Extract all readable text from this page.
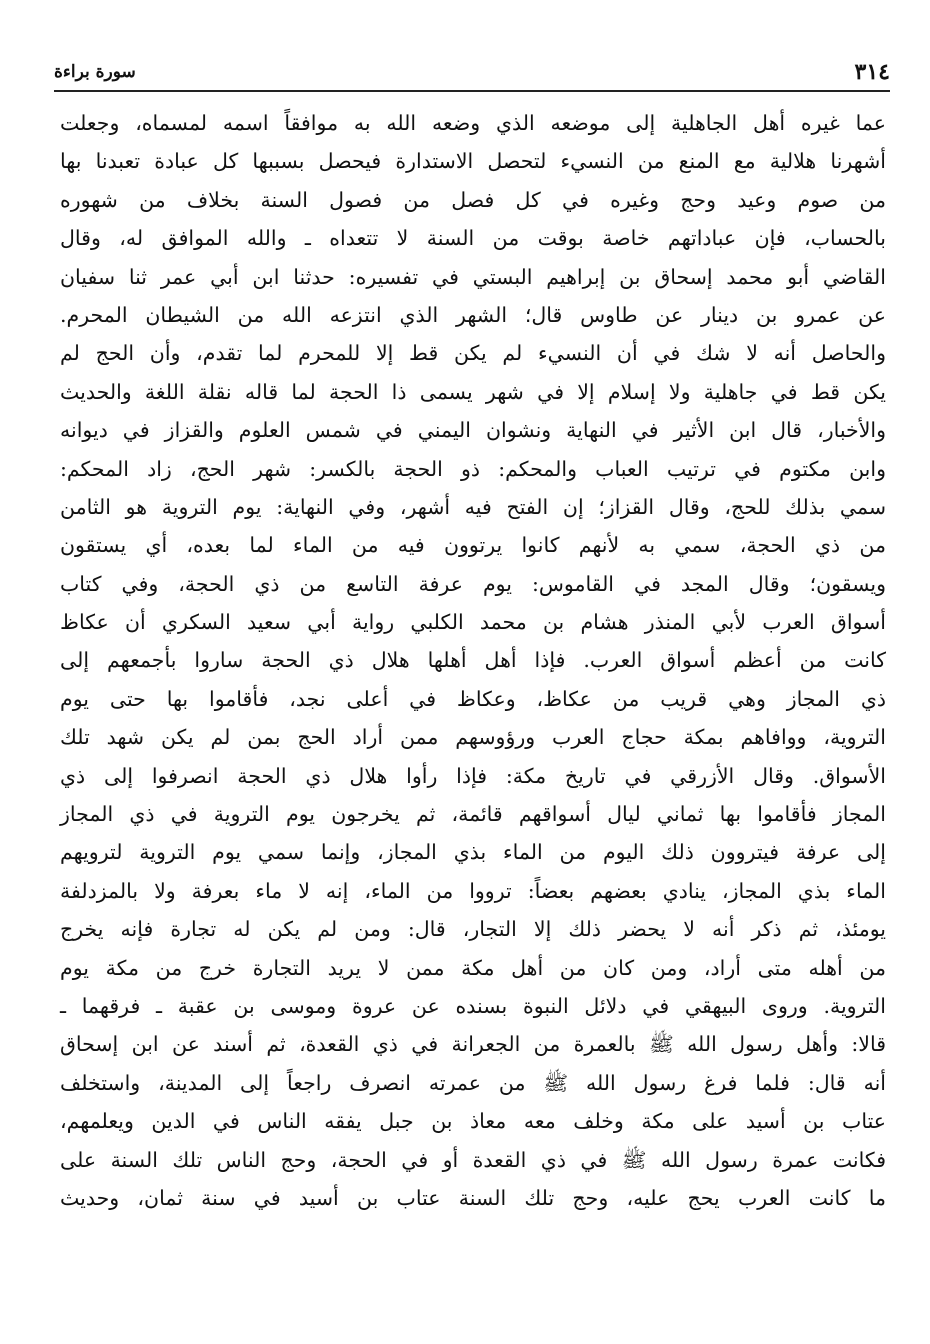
٣١٤
سورة براءة
عما غيره أهل الجاهلية إلى موضعه الذي وضعه الله به موافقاً اسمه لمسماه، وجعلت
أشهرنا هلالية مع المنع من النسيء لتحصل الاستدارة فيحصل بسببها كل عبادة تعبدنا بها
من صوم وعيد وحج وغيره في كل فصل من فصول السنة بخلاف من شهوره
بالحساب، فإن عباداتهم خاصة بوقت من السنة لا تتعداه ـ والله الموافق له، وقال
القاضي أبو محمد إسحاق بن إبراهيم البستي في تفسيره: حدثنا ابن أبي عمر ثنا سفيان
عن عمرو بن دينار عن طاوس قال؛ الشهر الذي انتزعه الله من الشيطان المحرم.
والحاصل أنه لا شك في أن النسيء لم يكن قط إلا للمحرم لما تقدم، وأن الحج لم
يكن قط في جاهلية ولا إسلام إلا في شهر يسمى ذا الحجة لما قاله نقلة اللغة والحديث
والأخبار، قال ابن الأثير في النهاية ونشوان اليمني في شمس العلوم والقزاز في ديوانه
وابن مكتوم في ترتيب العباب والمحكم: ذو الحجة بالكسر: شهر الحج، زاد المحكم:
سمي بذلك للحج، وقال القزاز؛ إن الفتح فيه أشهر، وفي النهاية: يوم التروية هو الثامن
من ذي الحجة، سمي به لأنهم كانوا يرتوون فيه من الماء لما بعده، أي يستقون
ويسقون؛ وقال المجد في القاموس: يوم عرفة التاسع من ذي الحجة، وفي كتاب
أسواق العرب لأبي المنذر هشام بن محمد الكلبي رواية أبي سعيد السكري أن عكاظ
كانت من أعظم أسواق العرب. فإذا أهل أهلها هلال ذي الحجة ساروا بأجمعهم إلى
ذي المجاز وهي قريب من عكاظ، وعكاظ في أعلى نجد، فأقاموا بها حتى يوم
التروية، ووافاهم بمكة حجاج العرب ورؤوسهم ممن أراد الحج بمن لم يكن شهد تلك
الأسواق. وقال الأزرقي في تاريخ مكة: فإذا رأوا هلال ذي الحجة انصرفوا إلى ذي
المجاز فأقاموا بها ثماني ليال أسواقهم قائمة، ثم يخرجون يوم التروية في ذي المجاز
إلى عرفة فيتروون ذلك اليوم من الماء بذي المجاز، وإنما سمي يوم التروية لترويهم
الماء بذي المجاز، ينادي بعضهم بعضاً: ترووا من الماء، إنه لا ماء بعرفة ولا بالمزدلفة
يومئذ، ثم ذكر أنه لا يحضر ذلك إلا التجار، قال: ومن لم يكن له تجارة فإنه يخرج
من أهله متى أراد، ومن كان من أهل مكة ممن لا يريد التجارة خرج من مكة يوم
التروية. وروى البيهقي في دلائل النبوة بسنده عن عروة وموسى بن عقبة ـ فرقهما ـ
قالا: وأهل رسول الله ﷺ بالعمرة من الجعرانة في ذي القعدة، ثم أسند عن ابن إسحاق
أنه قال: فلما فرغ رسول الله ﷺ من عمرته انصرف راجعاً إلى المدينة، واستخلف
عتاب بن أسيد على مكة وخلف معه معاذ بن جبل يفقه الناس في الدين ويعلمهم،
فكانت عمرة رسول الله ﷺ في ذي القعدة أو في الحجة، وحج الناس تلك السنة على
ما كانت العرب يحج عليه، وحج تلك السنة عتاب بن أسيد في سنة ثمان، وحديث
